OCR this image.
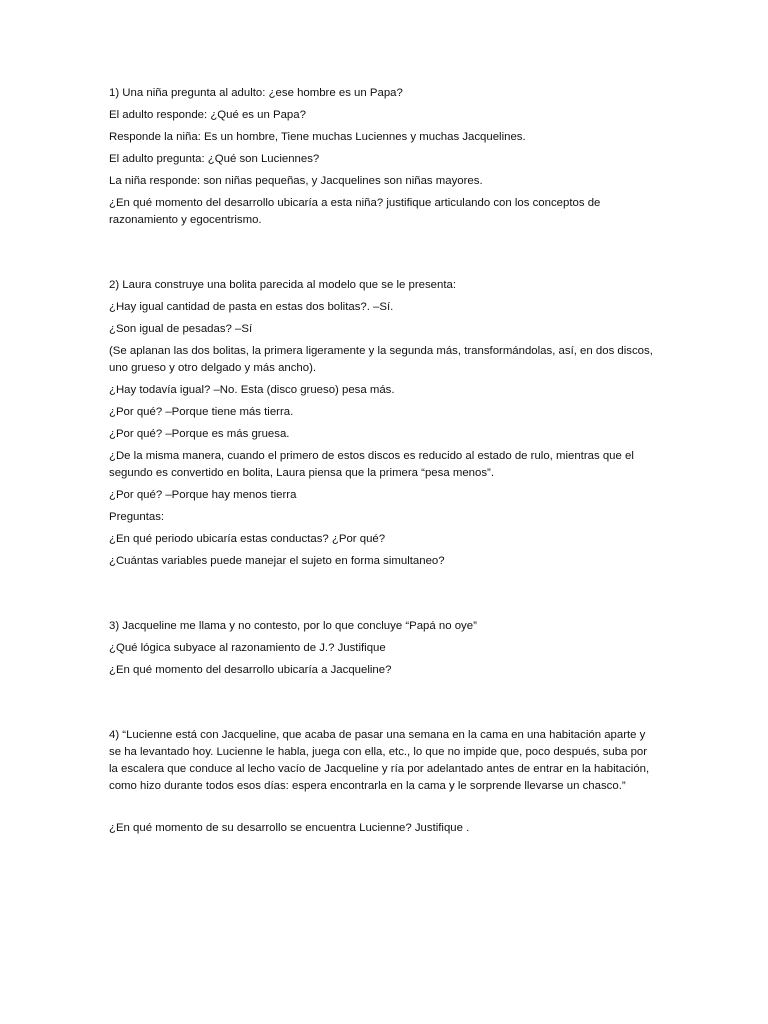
1) Una niña pregunta al adulto: ¿ese hombre es un Papa?
El adulto responde: ¿Qué es un Papa?
Responde la niña: Es un hombre, Tiene muchas Luciennes y muchas Jacquelines.
El adulto pregunta: ¿Qué son Luciennes?
La niña responde: son niñas pequeñas, y Jacquelines son niñas mayores.
¿En qué momento del desarrollo ubicaría a esta niña? justifique articulando con los conceptos de razonamiento y egocentrismo.
2) Laura construye una bolita parecida al modelo que se le presenta:
¿Hay igual cantidad de pasta en estas dos bolitas?. –Sí.
¿Son igual de pesadas? –Sí
(Se aplanan las dos bolitas, la primera ligeramente y la segunda más, transformándolas, así, en dos discos, uno grueso y otro delgado y más ancho).
¿Hay todavía igual? –No. Esta (disco grueso) pesa más.
¿Por qué? –Porque tiene más tierra.
¿Por qué? –Porque es más gruesa.
¿De la misma manera, cuando el primero de estos discos es reducido al estado de rulo, mientras que el segundo es convertido en bolita, Laura piensa que la primera “pesa menos”.
¿Por qué? –Porque hay menos tierra
Preguntas:
¿En qué periodo ubicaría estas conductas? ¿Por qué?
¿Cuántas variables puede manejar el sujeto en forma simultaneo?
3) Jacqueline me llama y no contesto, por lo que concluye “Papá no oye”
¿Qué lógica subyace al razonamiento de J.? Justifique
¿En qué momento del desarrollo ubicaría a Jacqueline?
4) “Lucienne está con Jacqueline, que acaba de pasar una semana en la cama en una habitación aparte y se ha levantado hoy. Lucienne le habla, juega con ella, etc., lo que no impide que, poco después, suba por la escalera que conduce al lecho vacío de Jacqueline y ría por adelantado antes de entrar en la habitación, como hizo durante todos esos días: espera encontrarla en la cama y le sorprende llevarse un chasco.”
¿En qué momento de su desarrollo se encuentra Lucienne? Justifique .
